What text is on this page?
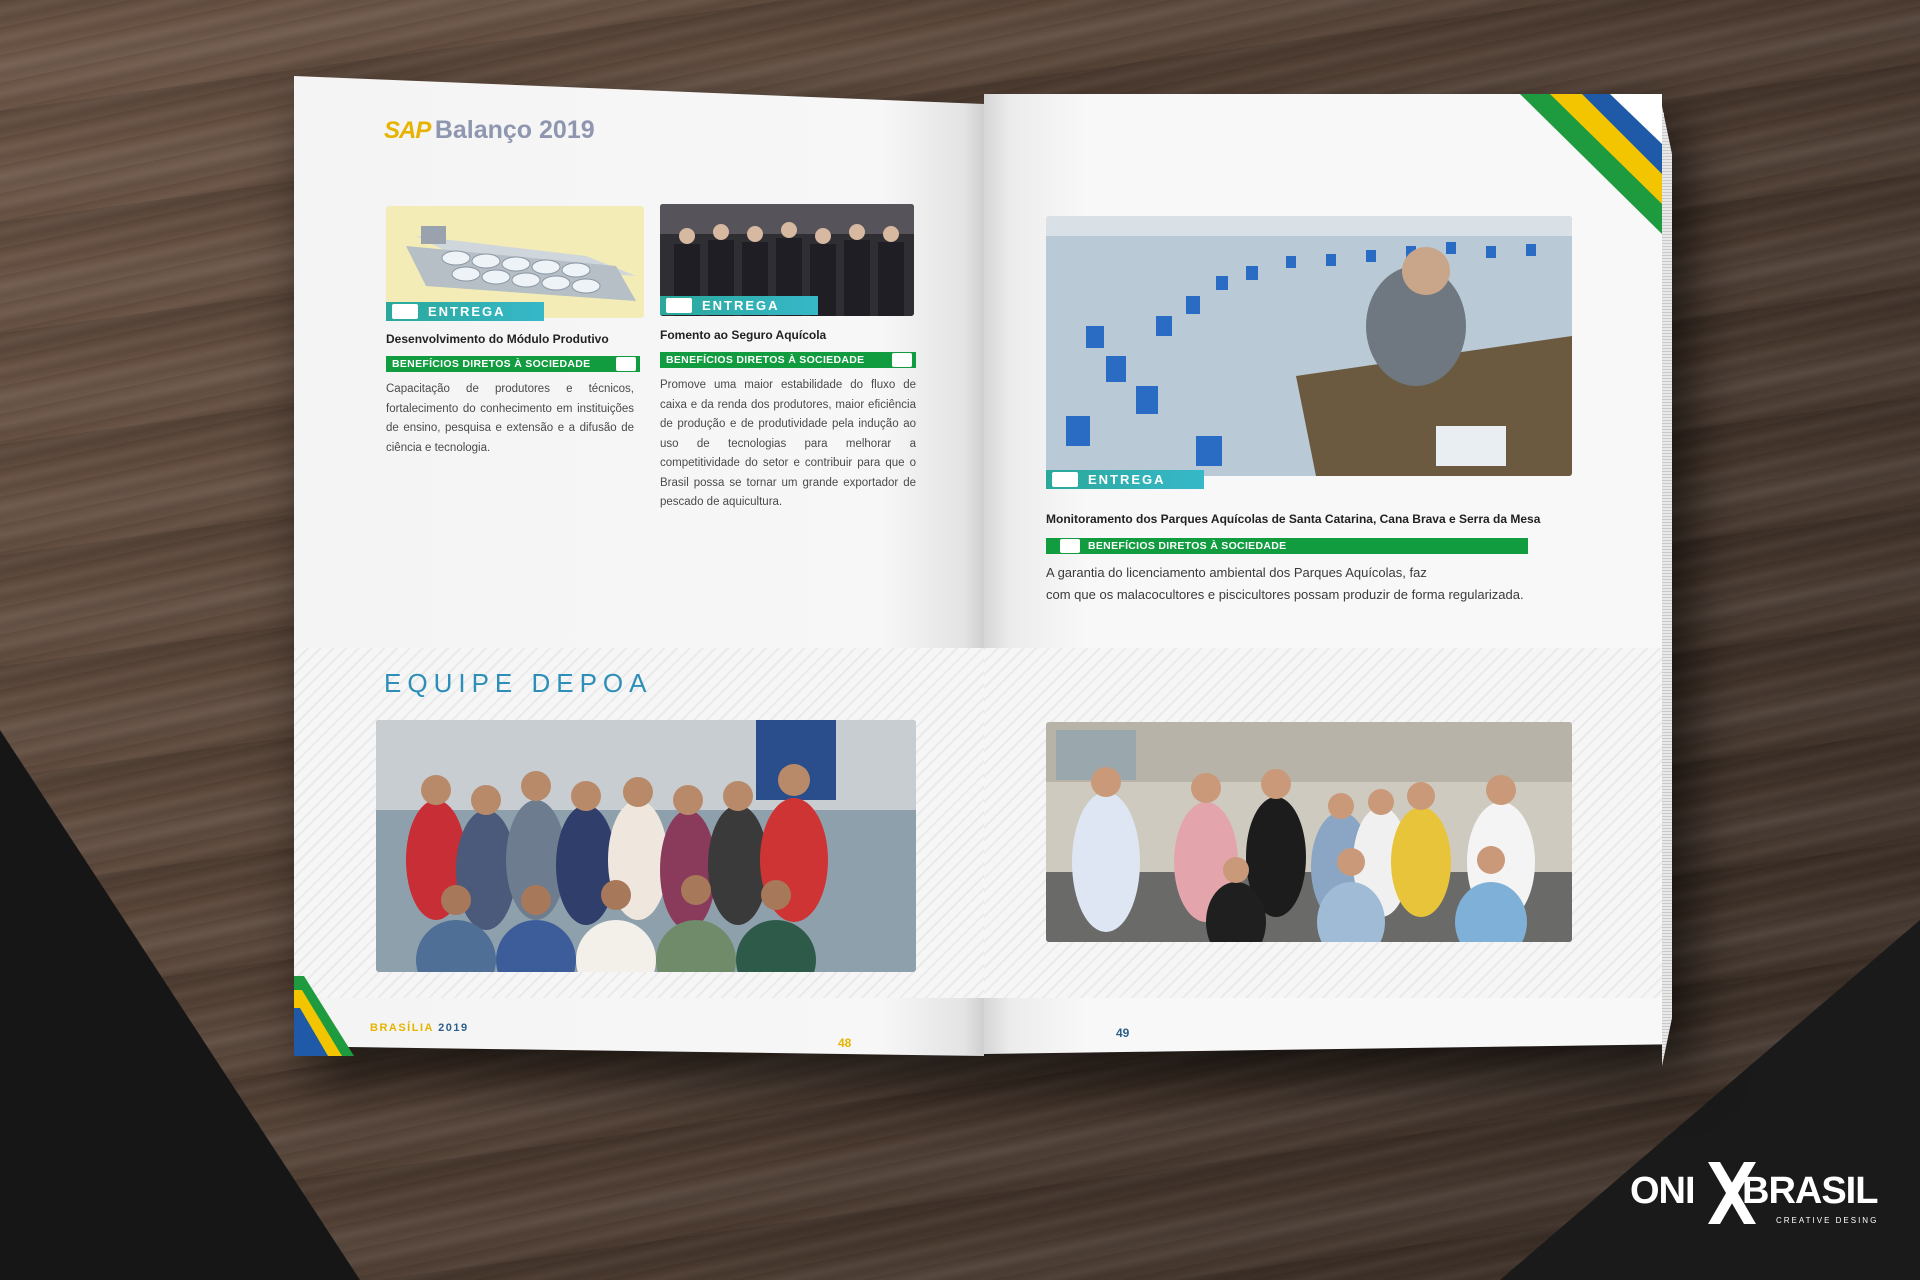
SAP Balanço 2019
ENTREGA
Desenvolvimento do Módulo Produtivo
BENEFÍCIOS DIRETOS À SOCIEDADE
Capacitação de produtores e técnicos, fortalecimento do conhecimento em instituições de ensino, pesquisa e extensão e a difusão de ciência e tecnologia.
ENTREGA
Fomento ao Seguro Aquícola
BENEFÍCIOS DIRETOS À SOCIEDADE
Promove uma maior estabilidade do fluxo de caixa e da renda dos produtores, maior eficiência de produção e de produtividade pela indução ao uso de tecnologias para melhorar a competitividade do setor e contribuir para que o Brasil possa se tornar um grande exportador de pescado de aquicultura.
EQUIPE DEPOA
BRASÍLIA 2019
48
ENTREGA
Monitoramento dos Parques Aquícolas de Santa Catarina, Cana Brava e Serra da Mesa
BENEFÍCIOS DIRETOS À SOCIEDADE
A garantia do licenciamento ambiental dos Parques Aquícolas, faz
com que os malacocultores e piscicultores possam produzir de forma regularizada.
49
ONI BRASIL
CREATIVE DESING
